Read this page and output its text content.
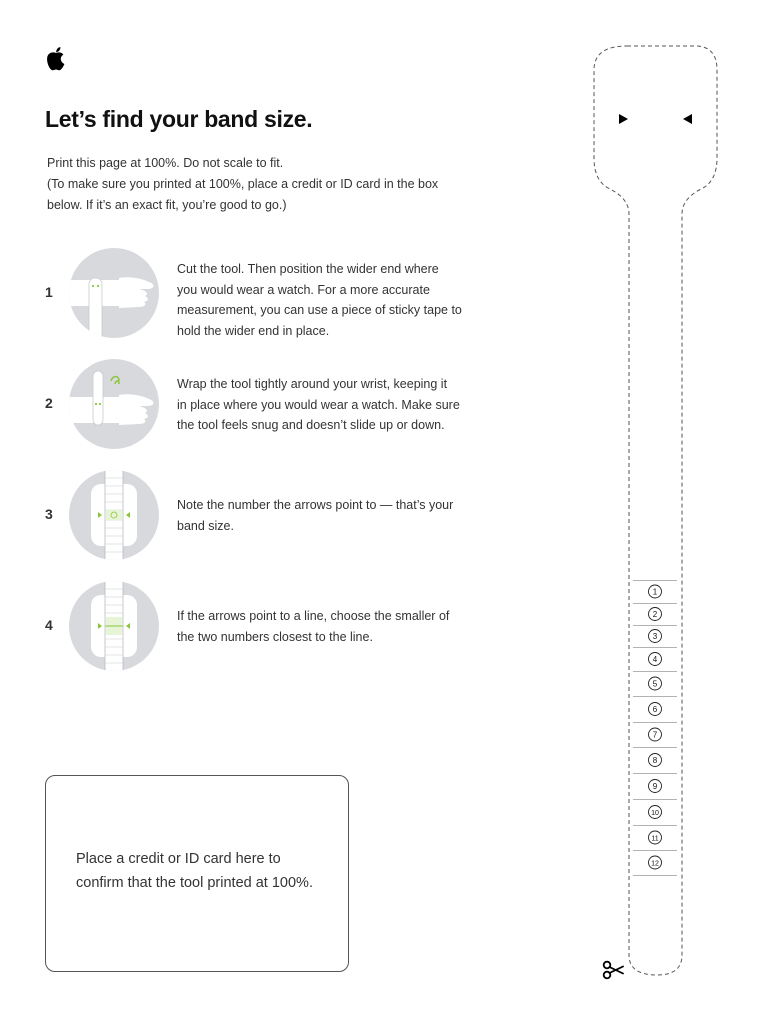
Let’s find your band size.
Print this page at 100%. Do not scale to fit.
(To make sure you printed at 100%, place a credit or ID card in the box
below. If it’s an exact fit, you’re good to go.)
1
Cut the tool. Then position the wider end where
you would wear a watch. For a more accurate
measurement, you can use a piece of sticky tape to
hold the wider end in place.
2
Wrap the tool tightly around your wrist, keeping it
in place where you would wear a watch. Make sure
the tool feels snug and doesn’t slide up or down.
3
Note the number the arrows point to — that’s your
band size.
4
If the arrows point to a line, choose the smaller of
the two numbers closest to the line.
Place a credit or ID card here to
confirm that the tool printed at 100%.
1
2
3
4
5
6
7
8
9
10
11
12
